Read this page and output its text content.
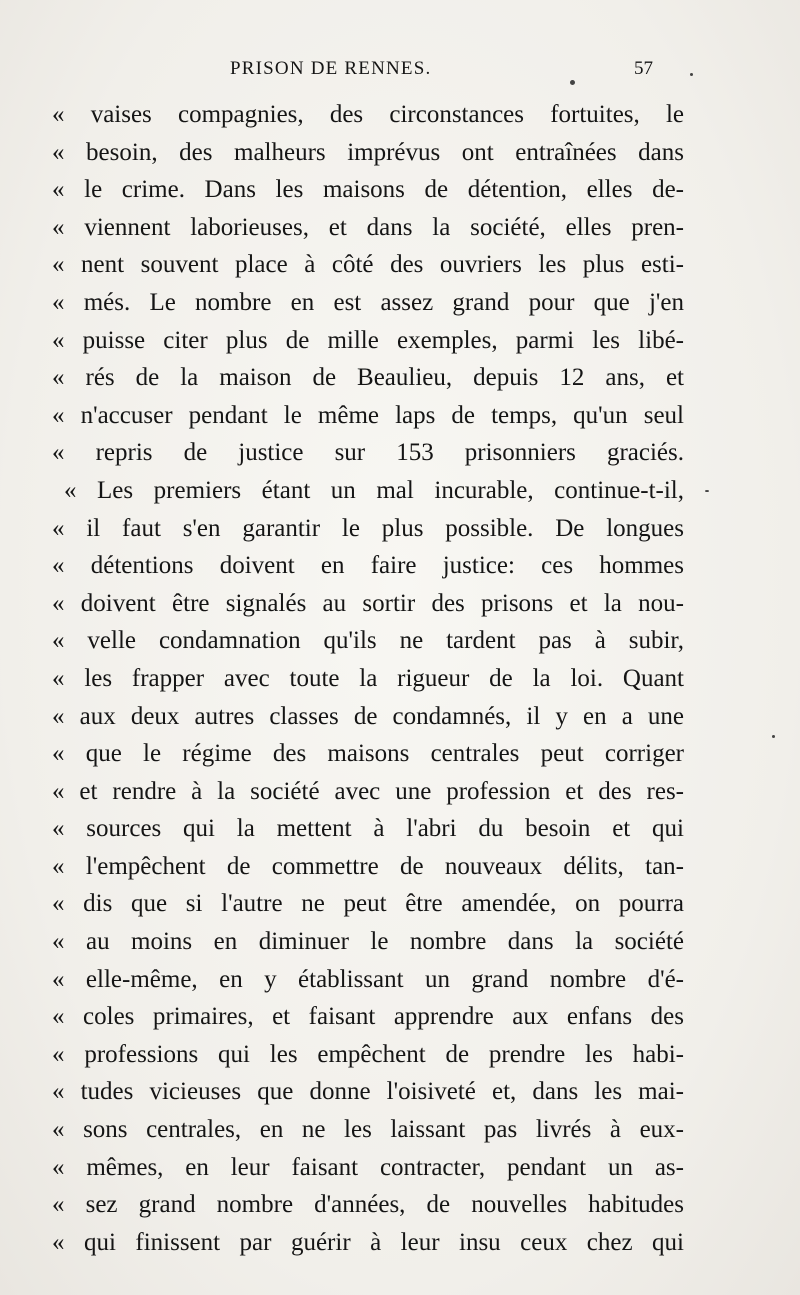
PRISON DE RENNES.	57
« vaises compagnies, des circonstances fortuites, le
« besoin, des malheurs imprévus ont entraînées dans
« le crime. Dans les maisons de détention, elles de-
« viennent laborieuses, et dans la société, elles pren-
« nent souvent place à côté des ouvriers les plus esti-
« més. Le nombre en est assez grand pour que j'en
« puisse citer plus de mille exemples, parmi les libé-
« rés de la maison de Beaulieu, depuis 12 ans, et
« n'accuser pendant le même laps de temps, qu'un seul
« repris de justice sur 153 prisonniers graciés.
« Les premiers étant un mal incurable, continue-t-il,
« il faut s'en garantir le plus possible. De longues
« détentions doivent en faire justice: ces hommes
« doivent être signalés au sortir des prisons et la nou-
« velle condamnation qu'ils ne tardent pas à subir,
« les frapper avec toute la rigueur de la loi. Quant
« aux deux autres classes de condamnés, il y en a une
« que le régime des maisons centrales peut corriger
« et rendre à la société avec une profession et des res-
« sources qui la mettent à l'abri du besoin et qui
« l'empêchent de commettre de nouveaux délits, tan-
« dis que si l'autre ne peut être amendée, on pourra
« au moins en diminuer le nombre dans la société
« elle-même, en y établissant un grand nombre d'é-
« coles primaires, et faisant apprendre aux enfans des
« professions qui les empêchent de prendre les habi-
« tudes vicieuses que donne l'oisiveté et, dans les mai-
« sons centrales, en ne les laissant pas livrés à eux-
« mêmes, en leur faisant contracter, pendant un as-
« sez grand nombre d'années, de nouvelles habitudes
« qui finissent par guérir à leur insu ceux chez qui
